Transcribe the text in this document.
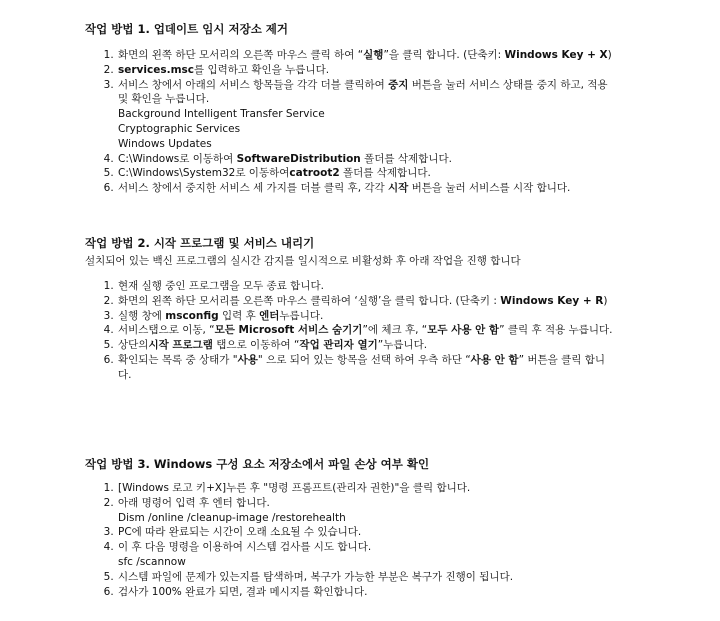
작업 방법 1. 업데이트 임시 저장소 제거
1. 화면의 왼쪽 하단 모서리의 오른쪽 마우스 클릭 하여 “실행”을 클릭 합니다. (단축키: Windows Key + X)
2. services.msc를 입력하고 확인을 누릅니다.
3. 서비스 창에서 아래의 서비스 항목들을 각각 더블 클릭하여 중지 버튼을 눌러 서비스 상태를 중지 하고, 적용 및 확인을 누릅니다.
Background Intelligent Transfer Service
Cryptographic Services
Windows Updates
4. C:\Windows로 이동하여 SoftwareDistribution 폴더를 삭제합니다.
5. C:\Windows\System32로 이동하여catroot2 폴더를 삭제합니다.
6. 서비스 창에서 중지한 서비스 세 가지를 더블 클릭 후, 각각 시작 버튼을 눌러 서비스를 시작 합니다.
작업 방법 2. 시작 프로그램 및 서비스 내리기
설치되어 있는 백신 프로그램의 실시간 감지를 일시적으로 비활성화 후 아래 작업을 진행 합니다
1. 현재 실행 중인 프로그램을 모두 종료 합니다.
2. 화면의 왼쪽 하단 모서리를 오른쪽 마우스 클릭하여 ‘실행’을 클릭 합니다. (단축키 : Windows Key + R)
3. 실행 창에 msconfig 입력 후 엔터누릅니다.
4. 서비스탭으로 이동, “모든 Microsoft 서비스 숨기기”에 체크 후, “모두 사용 안 함” 클릭 후 적용 누릅니다.
5. 상단의시작 프로그램 탭으로 이동하여 “작업 관리자 열기”누릅니다.
6. 확인되는 목록 중 상태가 "사용" 으로 되어 있는 항목을 선택 하여 우측 하단 “사용 안 함” 버튼을 클릭 합니다.
작업 방법 3. Windows 구성 요소 저장소에서 파일 손상 여부 확인
1. [Windows 로고 키+X]누른 후 "명령 프롬프트(관리자 권한)"을 클릭 합니다.
2. 아래 명령어 입력 후 엔터 합니다.
Dism /online /cleanup-image /restorehealth
3. PC에 따라 완료되는 시간이 오래 소요될 수 있습니다.
4. 이 후 다음 명령을 이용하여 시스템 검사를 시도 합니다.
sfc /scannow
5. 시스템 파일에 문제가 있는지를 탐색하며, 복구가 가능한 부분은 복구가 진행이 됩니다.
6. 검사가 100% 완료가 되면, 결과 메시지를 확인합니다.
